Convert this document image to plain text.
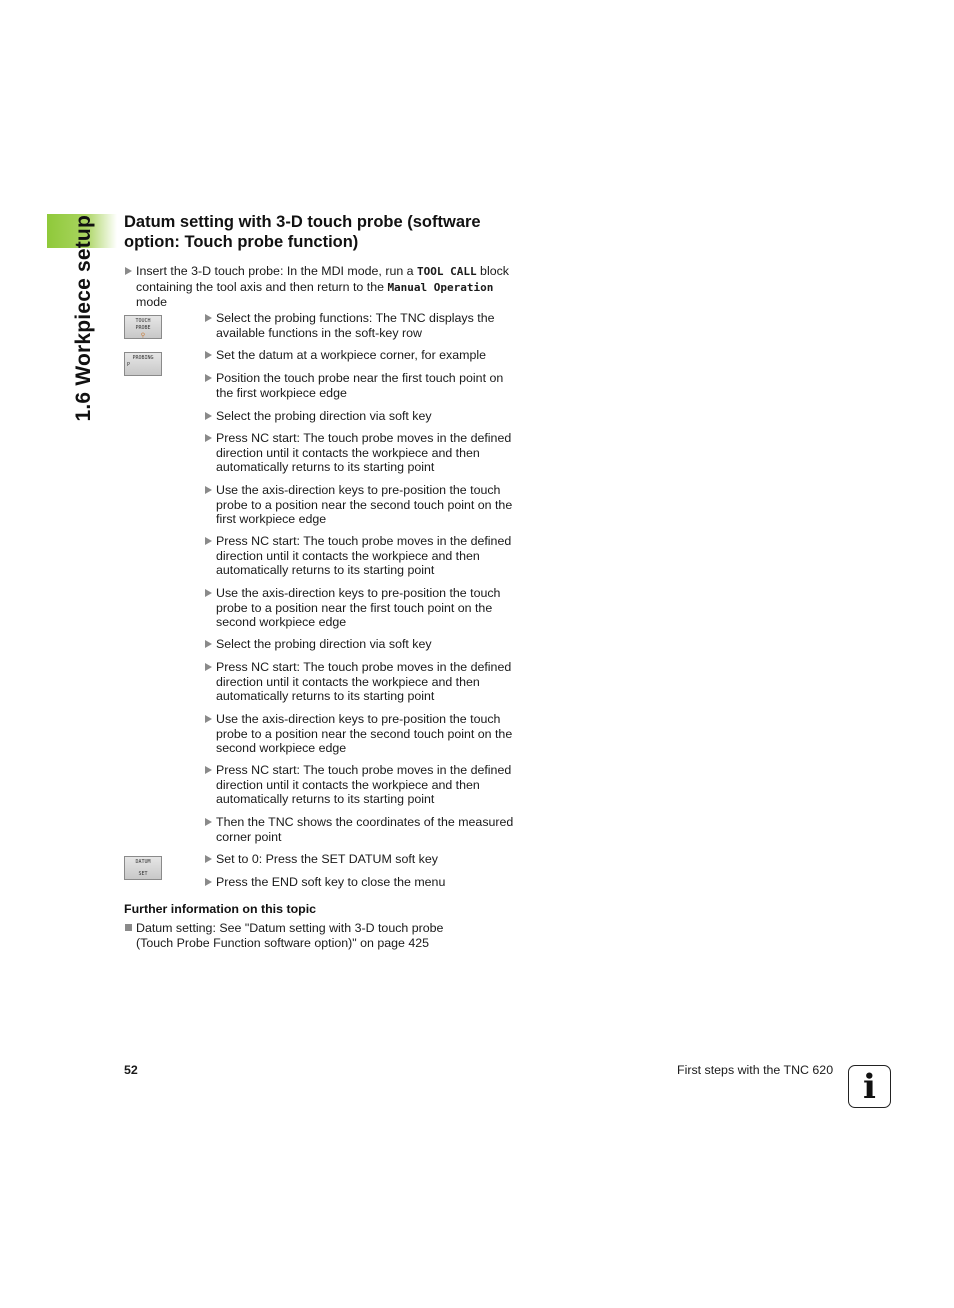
1.6 Workpiece setup Datum setting with 3-D touch probe (software option: Touch probe function)
Insert the 3-D touch probe: In the MDI mode, run a TOOL CALL block containing the tool axis and then return to the Manual Operation mode
TOUCH
PROBE
⚲
PROBING
P
DATUM
SET
Select the probing functions: The TNC displays the available functions in the soft-key row
Set the datum at a workpiece corner, for example
Position the touch probe near the first touch point on the first workpiece edge
Select the probing direction via soft key
Press NC start: The touch probe moves in the defined direction until it contacts the workpiece and then automatically returns to its starting point
Use the axis-direction keys to pre-position the touch probe to a position near the second touch point on the first workpiece edge
Press NC start: The touch probe moves in the defined direction until it contacts the workpiece and then automatically returns to its starting point
Use the axis-direction keys to pre-position the touch probe to a position near the first touch point on the second workpiece edge
Select the probing direction via soft key
Press NC start: The touch probe moves in the defined direction until it contacts the workpiece and then automatically returns to its starting point
Use the axis-direction keys to pre-position the touch probe to a position near the second touch point on the second workpiece edge
Press NC start: The touch probe moves in the defined direction until it contacts the workpiece and then automatically returns to its starting point
Then the TNC shows the coordinates of the measured corner point
Set to 0: Press the SET DATUM soft key
Press the END soft key to close the menu
Further information on this topic
Datum setting: See "Datum setting with 3-D touch probe (Touch Probe Function software option)" on page 425
52	First steps with the TNC 620 i
